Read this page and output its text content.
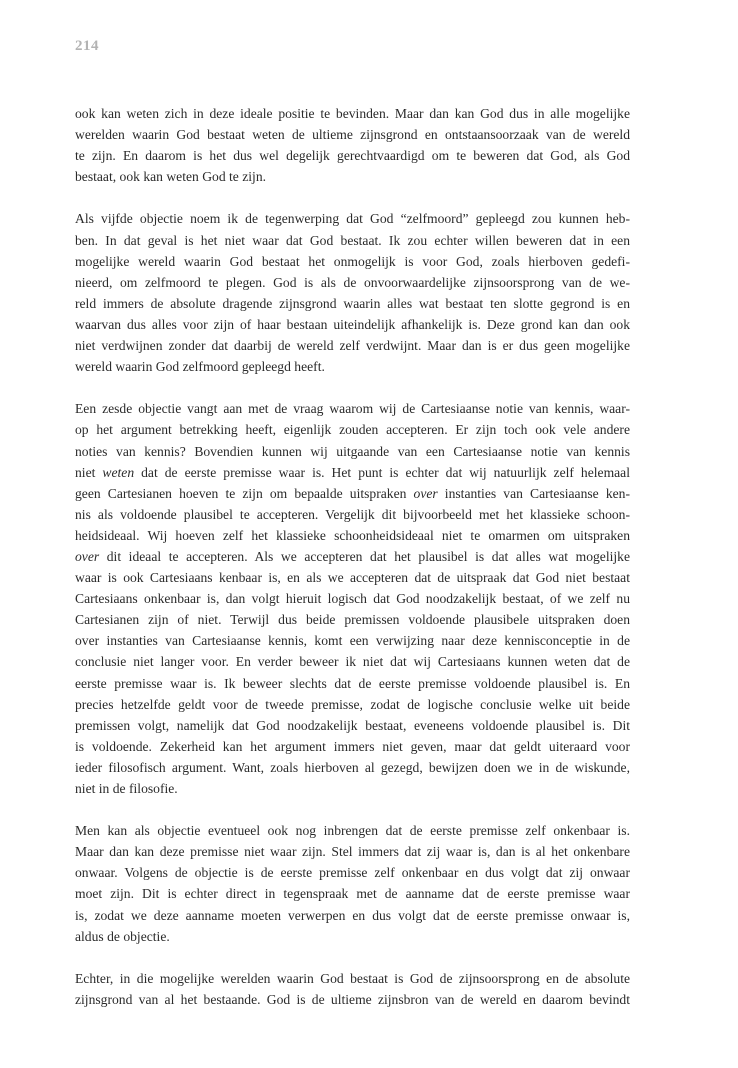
214
ook kan weten zich in deze ideale positie te bevinden. Maar dan kan God dus in alle mogelijke
werelden waarin God bestaat weten de ultieme zijnsgrond en ontstaansoorzaak van de wereld
te zijn. En daarom is het dus wel degelijk gerechtvaardigd om te beweren dat God, als God
bestaat, ook kan weten God te zijn.
Als vijfde objectie noem ik de tegenwerping dat God “zelfmoord” gepleegd zou kunnen heb-
ben. In dat geval is het niet waar dat God bestaat. Ik zou echter willen beweren dat in een
mogelijke wereld waarin God bestaat het onmogelijk is voor God, zoals hierboven gedefi-
nieerd, om zelfmoord te plegen. God is als de onvoorwaardelijke zijnsoorsprong van de we-
reld immers de absolute dragende zijnsgrond waarin alles wat bestaat ten slotte gegrond is en
waarvan dus alles voor zijn of haar bestaan uiteindelijk afhankelijk is. Deze grond kan dan ook
niet verdwijnen zonder dat daarbij de wereld zelf verdwijnt. Maar dan is er dus geen mogelijke
wereld waarin God zelfmoord gepleegd heeft.
Een zesde objectie vangt aan met de vraag waarom wij de Cartesiaanse notie van kennis, waar-
op het argument betrekking heeft, eigenlijk zouden accepteren. Er zijn toch ook vele andere
noties van kennis? Bovendien kunnen wij uitgaande van een Cartesiaanse notie van kennis
niet weten dat de eerste premisse waar is. Het punt is echter dat wij natuurlijk zelf helemaal
geen Cartesianen hoeven te zijn om bepaalde uitspraken over instanties van Cartesiaanse ken-
nis als voldoende plausibel te accepteren. Vergelijk dit bijvoorbeeld met het klassieke schoon-
heidsideaal. Wij hoeven zelf het klassieke schoonheidsideaal niet te omarmen om uitspraken
over dit ideaal te accepteren. Als we accepteren dat het plausibel is dat alles wat mogelijke
waar is ook Cartesiaans kenbaar is, en als we accepteren dat de uitspraak dat God niet bestaat
Cartesiaans onkenbaar is, dan volgt hieruit logisch dat God noodzakelijk bestaat, of we zelf nu
Cartesianen zijn of niet. Terwijl dus beide premissen voldoende plausibele uitspraken doen
over instanties van Cartesiaanse kennis, komt een verwijzing naar deze kennisconceptie in de
conclusie niet langer voor. En verder beweer ik niet dat wij Cartesiaans kunnen weten dat de
eerste premisse waar is. Ik beweer slechts dat de eerste premisse voldoende plausibel is. En
precies hetzelfde geldt voor de tweede premisse, zodat de logische conclusie welke uit beide
premissen volgt, namelijk dat God noodzakelijk bestaat, eveneens voldoende plausibel is. Dit
is voldoende. Zekerheid kan het argument immers niet geven, maar dat geldt uiteraard voor
ieder filosofisch argument. Want, zoals hierboven al gezegd, bewijzen doen we in de wiskunde,
niet in de filosofie.
Men kan als objectie eventueel ook nog inbrengen dat de eerste premisse zelf onkenbaar is.
Maar dan kan deze premisse niet waar zijn. Stel immers dat zij waar is, dan is al het onkenbare
onwaar. Volgens de objectie is de eerste premisse zelf onkenbaar en dus volgt dat zij onwaar
moet zijn. Dit is echter direct in tegenspraak met de aanname dat de eerste premisse waar
is, zodat we deze aanname moeten verwerpen en dus volgt dat de eerste premisse onwaar is,
aldus de objectie.
Echter, in die mogelijke werelden waarin God bestaat is God de zijnsoorsprong en de absolute
zijnsgrond van al het bestaande. God is de ultieme zijnsbron van de wereld en daarom bevindt
